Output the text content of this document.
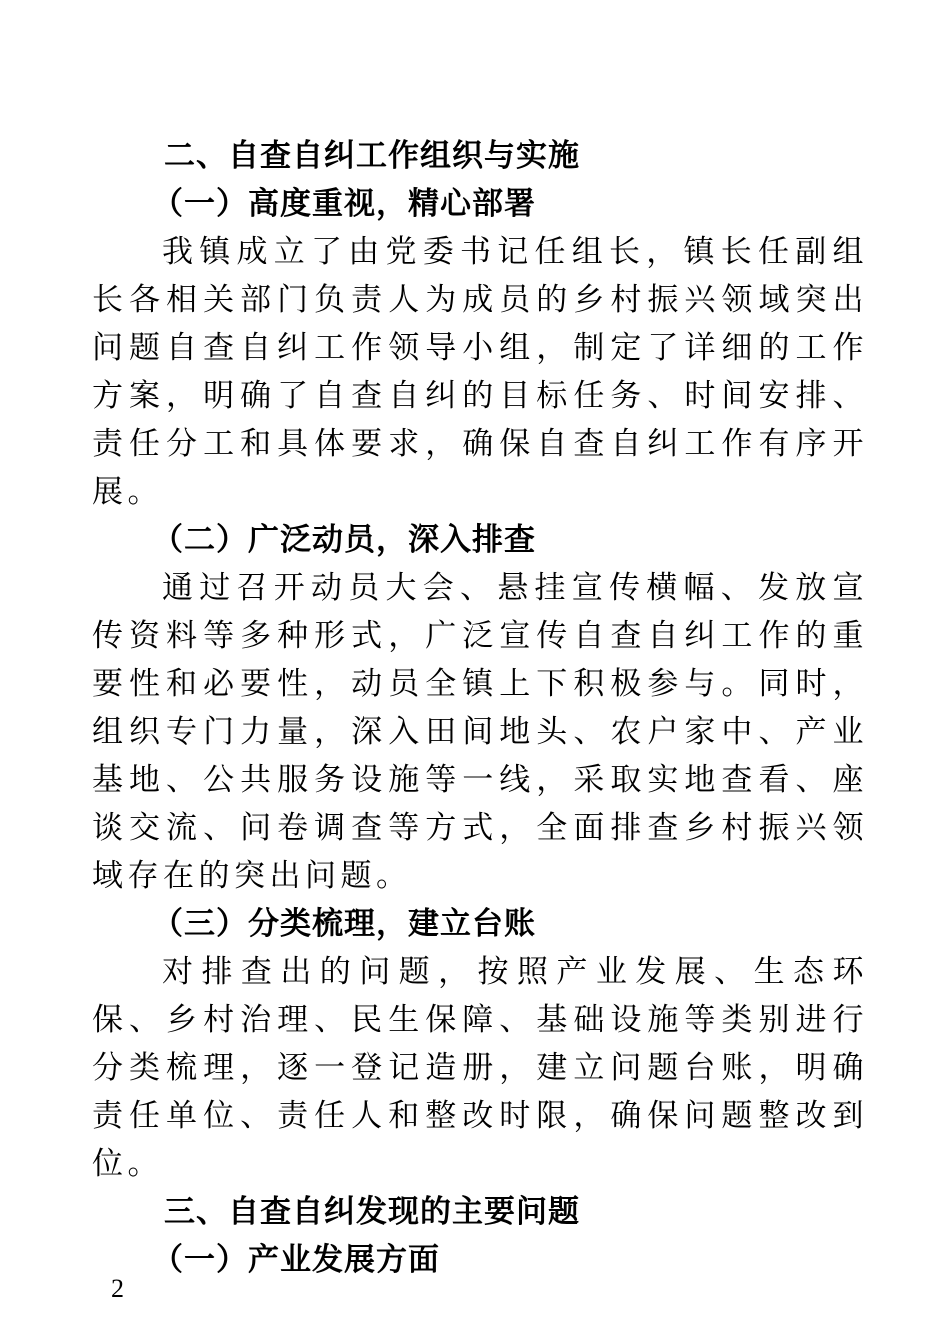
二、自查自纠工作组织与实施
（一）高度重视，精心部署

我镇成立了由党委书记任组长，镇长任副组长各相关部门负责人为成员的乡村振兴领域突出问题自查自纠工作领导小组，制定了详细的工作方案，明确了自查自纠的目标任务、时间安排、责任分工和具体要求，确保自查自纠工作有序开展。

（二）广泛动员，深入排查

通过召开动员大会、悬挂宣传横幅、发放宣传资料等多种形式，广泛宣传自查自纠工作的重要性和必要性，动员全镇上下积极参与。同时，组织专门力量，深入田间地头、农户家中、产业基地、公共服务设施等一线，采取实地查看、座谈交流、问卷调查等方式，全面排查乡村振兴领域存在的突出问题。

（三）分类梳理，建立台账

对排查出的问题，按照产业发展、生态环保、乡村治理、民生保障、基础设施等类别进行分类梳理，逐一登记造册，建立问题台账，明确责任单位、责任人和整改时限，确保问题整改到位。

三、自查自纠发现的主要问题
（一）产业发展方面
2
